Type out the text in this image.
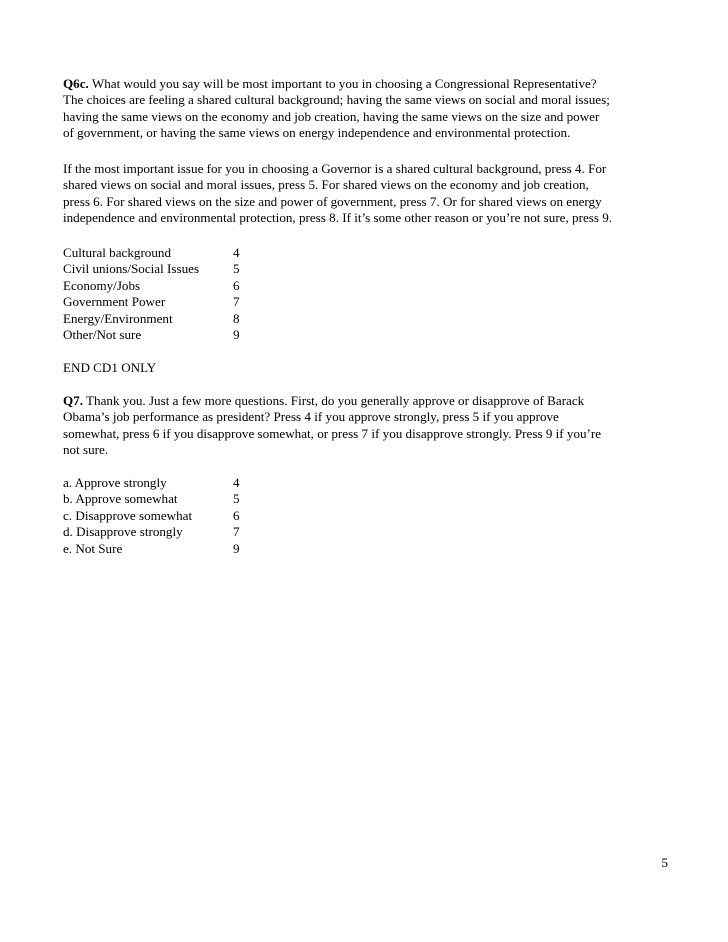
Q6c. What would you say will be most important to you in choosing a Congressional Representative?
The choices are feeling a shared cultural background; having the same views on social and moral issues;
having the same views on the economy and job creation, having the same views on the size and power
of government, or having the same views on energy independence and environmental protection.

If the most important issue for you in choosing a Governor is a shared cultural background, press 4. For
shared views on social and moral issues, press 5. For shared views on the economy and job creation,
press 6. For shared views on the size and power of government, press 7. Or for shared views on energy
independence and environmental protection, press 8. If it’s some other reason or you’re not sure, press 9.

Cultural background	4
Civil unions/Social Issues	5
Economy/Jobs	6
Government Power	7
Energy/Environment	8
Other/Not sure	9

END CD1 ONLY

Q7. Thank you. Just a few more questions. First, do you generally approve or disapprove of Barack
Obama’s job performance as president? Press 4 if you approve strongly, press 5 if you approve
somewhat, press 6 if you disapprove somewhat, or press 7 if you disapprove strongly. Press 9 if you’re
not sure.

a. Approve strongly	4
b. Approve somewhat	5
c. Disapprove somewhat	6
d. Disapprove strongly	7
e. Not Sure	9
5
